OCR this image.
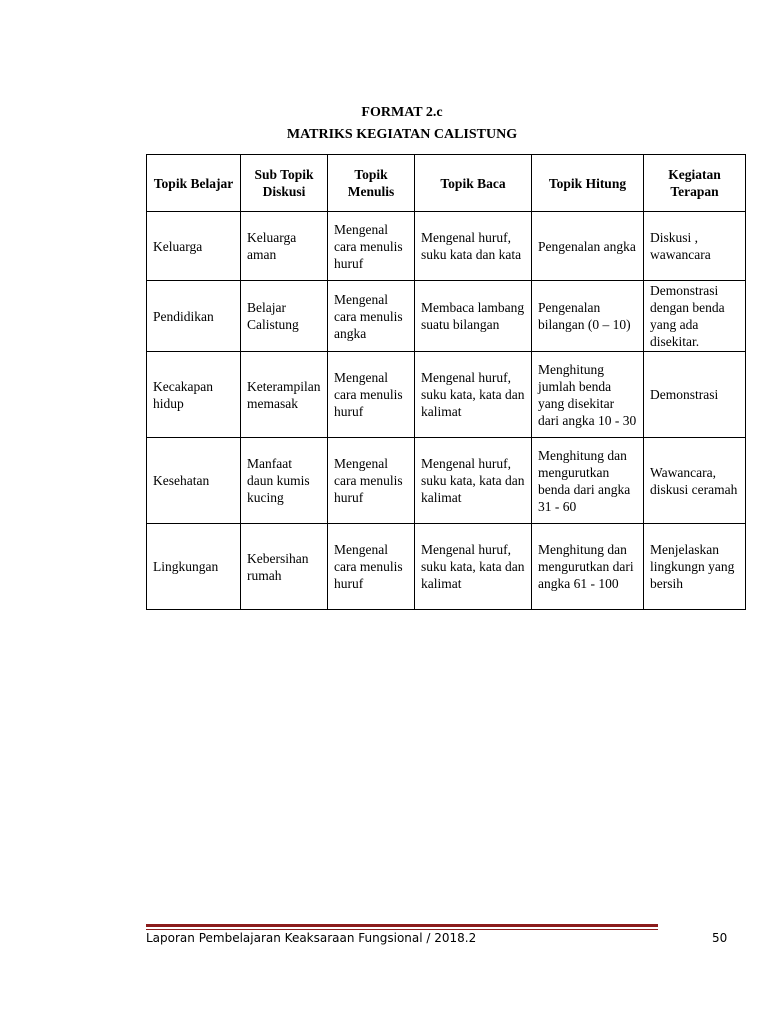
FORMAT 2.c
MATRIKS KEGIATAN CALISTUNG
Topik Belajar	Sub Topik Diskusi	Topik Menulis	Topik Baca	Topik Hitung	Kegiatan Terapan
Keluarga	Keluarga aman	Mengenal cara menulis huruf	Mengenal huruf, suku kata dan kata	Pengenalan angka	Diskusi , wawancara
Pendidikan	Belajar Calistung	Mengenal cara menulis angka	Membaca lambang suatu bilangan	Pengenalan bilangan (0 – 10)	Demonstrasi dengan benda yang ada disekitar.
Kecakapan hidup	Keterampilan memasak	Mengenal cara menulis huruf	Mengenal huruf, suku kata, kata dan kalimat	Menghitung jumlah benda yang disekitar dari angka 10 - 30	Demonstrasi
Kesehatan	Manfaat daun kumis kucing	Mengenal cara menulis huruf	Mengenal huruf, suku kata, kata dan kalimat	Menghitung dan mengurutkan benda dari angka 31 - 60	Wawancara, diskusi ceramah
Lingkungan	Kebersihan rumah	Mengenal cara menulis huruf	Mengenal huruf, suku kata, kata dan kalimat	Menghitung dan mengurutkan dari angka 61 - 100	Menjelaskan lingkungn yang bersih
Laporan Pembelajaran Keaksaraan Fungsional / 2018.2	50
